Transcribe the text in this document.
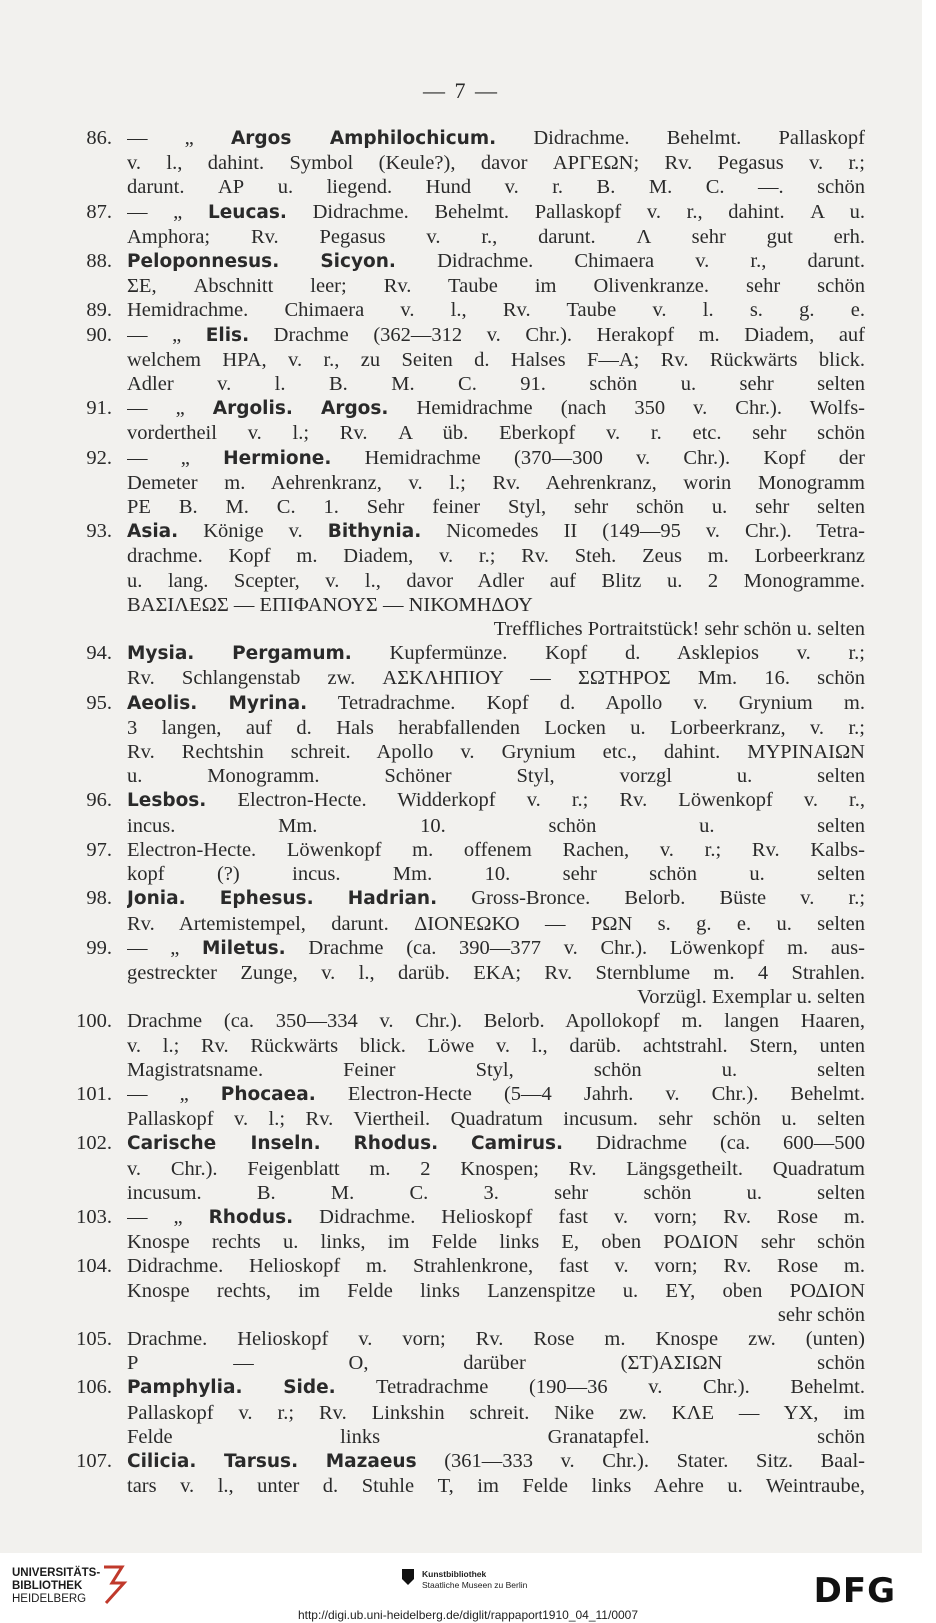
— 7 —
86. — „ Argos Amphilochicum. Didrachme. Behelmt. Pallaskopf
v. l., dahint. Symbol (Keule?), davor ΑΡΓΕΩΝ; Rv. Pegasus v. r.;
darunt. ΑΡ u. liegend. Hund v. r. B. M. C. —. schön
87. — „ Leucas. Didrachme. Behelmt. Pallaskopf v. r., dahint. Α u.
Amphora; Rv. Pegasus v. r., darunt. Λ sehr gut erh.
88. Peloponnesus. Sicyon. Didrachme. Chimaera v. r., darunt.
ΣΕ, Abschnitt leer; Rv. Taube im Olivenkranze. sehr schön
89. Hemidrachme. Chimaera v. l., Rv. Taube v. l. s. g. e.
90. — „ Elis. Drachme (362—312 v. Chr.). Herakopf m. Diadem, auf
welchem ΗΡΑ, v. r., zu Seiten d. Halses F—A; Rv. Rückwärts blick.
Adler v. l. B. M. C. 91. schön u. sehr selten
91. — „ Argolis. Argos. Hemidrachme (nach 350 v. Chr.). Wolfs-
vordertheil v. l.; Rv. Α üb. Eberkopf v. r. etc. sehr schön
92. — „ Hermione. Hemidrachme (370—300 v. Chr.). Kopf der
Demeter m. Aehrenkranz, v. l.; Rv. Aehrenkranz, worin Monogramm
ΡΕ B. M. C. 1. Sehr feiner Styl, sehr schön u. sehr selten
93. Asia. Könige v. Bithynia. Nicomedes II (149—95 v. Chr.). Tetra-
drachme. Kopf m. Diadem, v. r.; Rv. Steh. Zeus m. Lorbeerkranz
u. lang. Scepter, v. l., davor Adler auf Blitz u. 2 Monogramme.
ΒΑΣΙΛΕΩΣ — ΕΠΙΦΑΝΟΥΣ — ΝΙΚΟΜΗΔΟΥ
Treffliches Portraitstück! sehr schön u. selten
94. Mysia. Pergamum. Kupfermünze. Kopf d. Asklepios v. r.;
Rv. Schlangenstab zw. ΑΣΚΛΗΠΙΟΥ — ΣΩΤΗΡΟΣ Mm. 16. schön
95. Aeolis. Myrina. Tetradrachme. Kopf d. Apollo v. Grynium m.
3 langen, auf d. Hals herabfallenden Locken u. Lorbeerkranz, v. r.;
Rv. Rechtshin schreit. Apollo v. Grynium etc., dahint. ΜΥΡΙΝΑΙΩΝ
u. Monogramm. Schöner Styl, vorzgl u. selten
96. Lesbos. Electron-Hecte. Widderkopf v. r.; Rv. Löwenkopf v. r.,
incus. Mm. 10. schön u. selten
97. Electron-Hecte. Löwenkopf m. offenem Rachen, v. r.; Rv. Kalbs-
kopf (?) incus. Mm. 10. sehr schön u. selten
98. Jonia. Ephesus. Hadrian. Gross-Bronce. Belorb. Büste v. r.;
Rv. Artemistempel, darunt. ΔΙΟΝΕΩΚΟ — ΡΩΝ s. g. e. u. selten
99. — „ Miletus. Drachme (ca. 390—377 v. Chr.). Löwenkopf m. aus-
gestreckter Zunge, v. l., darüb. ΕΚΑ; Rv. Sternblume m. 4 Strahlen.
Vorzügl. Exemplar u. selten
100. Drachme (ca. 350—334 v. Chr.). Belorb. Apollokopf m. langen Haaren,
v. l.; Rv. Rückwärts blick. Löwe v. l., darüb. achtstrahl. Stern, unten
Magistratsname. Feiner Styl, schön u. selten
101. — „ Phocaea. Electron-Hecte (5—4 Jahrh. v. Chr.). Behelmt.
Pallaskopf v. l.; Rv. Viertheil. Quadratum incusum. sehr schön u. selten
102. Carische Inseln. Rhodus. Camirus. Didrachme (ca. 600—500
v. Chr.). Feigenblatt m. 2 Knospen; Rv. Längsgetheilt. Quadratum
incusum. B. M. C. 3. sehr schön u. selten
103. — „ Rhodus. Didrachme. Helioskopf fast v. vorn; Rv. Rose m.
Knospe rechts u. links, im Felde links Ε, oben ΡΟΔΙΟΝ sehr schön
104. Didrachme. Helioskopf m. Strahlenkrone, fast v. vorn; Rv. Rose m.
Knospe rechts, im Felde links Lanzenspitze u. ΕΥ, oben ΡΟΔΙΟΝ
sehr schön
105. Drachme. Helioskopf v. vorn; Rv. Rose m. Knospe zw. (unten)
Ρ — Ο, darüber (ΣΤ)ΑΣΙΩΝ schön
106. Pamphylia. Side. Tetradrachme (190—36 v. Chr.). Behelmt.
Pallaskopf v. r.; Rv. Linkshin schreit. Nike zw. ΚΛΕ — ΥΧ, im
Felde links Granatapfel. schön
107. Cilicia. Tarsus. Mazaeus (361—333 v. Chr.). Stater. Sitz. Baal-
tars v. l., unter d. Stuhle Τ, im Felde links Aehre u. Weintraube,
UNIVERSITÄTS-
BIBLIOTHEK
HEIDELBERG
Kunstbibliothek
Staatliche Museen zu Berlin	DFG
http://digi.ub.uni-heidelberg.de/diglit/rappaport1910_04_11/0007
